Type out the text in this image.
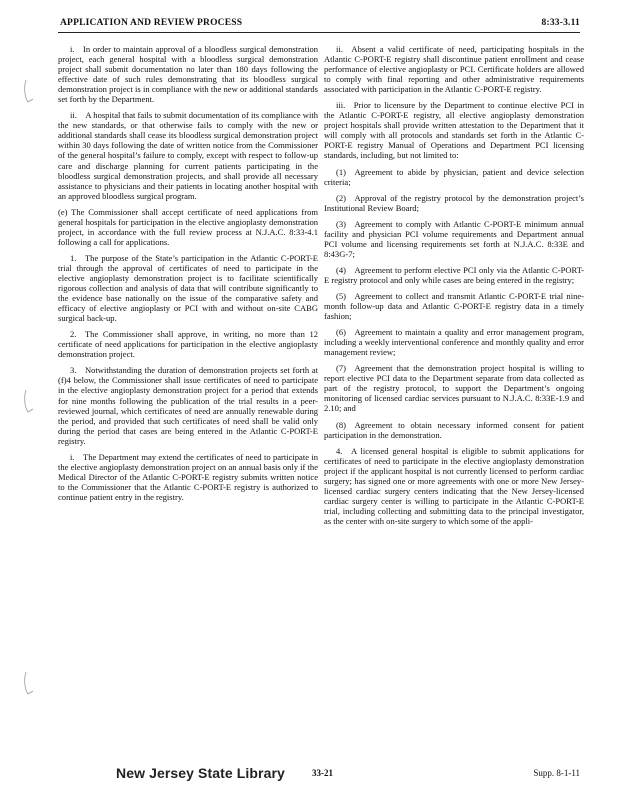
APPLICATION AND REVIEW PROCESS	8:33-3.11

i. In order to maintain approval of a bloodless surgical demonstration project, each general hospital with a bloodless surgical demonstration project shall submit documentation no later than 180 days following the effective date of such rules demonstrating that its bloodless surgical demonstration project is in compliance with the new or additional standards set forth by the Department.

ii. A hospital that fails to submit documentation of its compliance with the new standards, or that otherwise fails to comply with the new or additional standards shall cease its bloodless surgical demonstration project within 30 days following the date of written notice from the Commissioner of the general hospital’s failure to comply, except with respect to follow-up care and discharge planning for current patients participating in the bloodless surgical demonstration projects, and shall provide all necessary assistance to physicians and their patients in locating another hospital with an approved bloodless surgical program.

(e) The Commissioner shall accept certificate of need applications from general hospitals for participation in the elective angioplasty demonstration project, in accordance with the full review process at N.J.A.C. 8:33-4.1 following a call for applications.

1. The purpose of the State’s participation in the Atlantic C-PORT-E trial through the approval of certificates of need to participate in the elective angioplasty demonstration project is to facilitate scientifically rigorous collection and analysis of data that will contribute significantly to the evidence base nationally on the issue of the comparative safety and efficacy of elective angioplasty or PCI with and without on-site CABG surgical back-up.

2. The Commissioner shall approve, in writing, no more than 12 certificate of need applications for participation in the elective angioplasty demonstration project.

3. Notwithstanding the duration of demonstration projects set forth at (f)4 below, the Commissioner shall issue certificates of need to participate in the elective angioplasty demonstration project for a period that extends for nine months following the publication of the trial results in a peer-reviewed journal, which certificates of need are annually renewable during the period, and provided that such certificates of need shall be valid only during the period that cases are being entered in the Atlantic C-PORT-E registry.

i. The Department may extend the certificates of need to participate in the elective angioplasty demonstration project on an annual basis only if the Medical Director of the Atlantic C-PORT-E registry submits written notice to the Commissioner that the Atlantic C-PORT-E registry is authorized to continue patient entry in the registry.

ii. Absent a valid certificate of need, participating hospitals in the Atlantic C-PORT-E registry shall discontinue patient enrollment and cease performance of elective angioplasty or PCI. Certificate holders are allowed to comply with final reporting and other administrative requirements associated with participation in the Atlantic C-PORT-E registry.

iii. Prior to licensure by the Department to continue elective PCI in the Atlantic C-PORT-E registry, all elective angioplasty demonstration project hospitals shall provide written attestation to the Department that it will comply with all protocols and standards set forth in the Atlantic C-PORT-E registry Manual of Operations and Department PCI licensing standards, including, but not limited to:

(1) Agreement to abide by physician, patient and device selection criteria;

(2) Approval of the registry protocol by the demonstration project’s Institutional Review Board;

(3) Agreement to comply with Atlantic C-PORT-E minimum annual facility and physician PCI volume requirements and Department annual PCI volume and licensing requirements set forth at N.J.A.C. 8:33E and 8:43G-7;

(4) Agreement to perform elective PCI only via the Atlantic C-PORT-E registry protocol and only while cases are being entered in the registry;

(5) Agreement to collect and transmit Atlantic C-PORT-E trial nine-month follow-up data and Atlantic C-PORT-E registry data in a timely fashion;

(6) Agreement to maintain a quality and error management program, including a weekly interventional conference and monthly quality and error management review;

(7) Agreement that the demonstration project hospital is willing to report elective PCI data to the Department separate from data collected as part of the registry protocol, to support the Department’s ongoing monitoring of licensed cardiac services pursuant to N.J.A.C. 8:33E-1.9 and 2.10; and

(8) Agreement to obtain necessary informed consent for patient participation in the demonstration.

4. A licensed general hospital is eligible to submit applications for certificates of need to participate in the elective angioplasty demonstration project if the applicant hospital is not currently licensed to perform cardiac surgery; has signed one or more agreements with one or more New Jersey-licensed cardiac surgery centers indicating that the New Jersey-licensed cardiac surgery center is willing to participate in the Atlantic C-PORT-E trial, including collecting and submitting data to the principal investigator, as the center with on-site surgery to which some of the appli-

New Jersey State Library	33-21	Supp. 8-1-11
